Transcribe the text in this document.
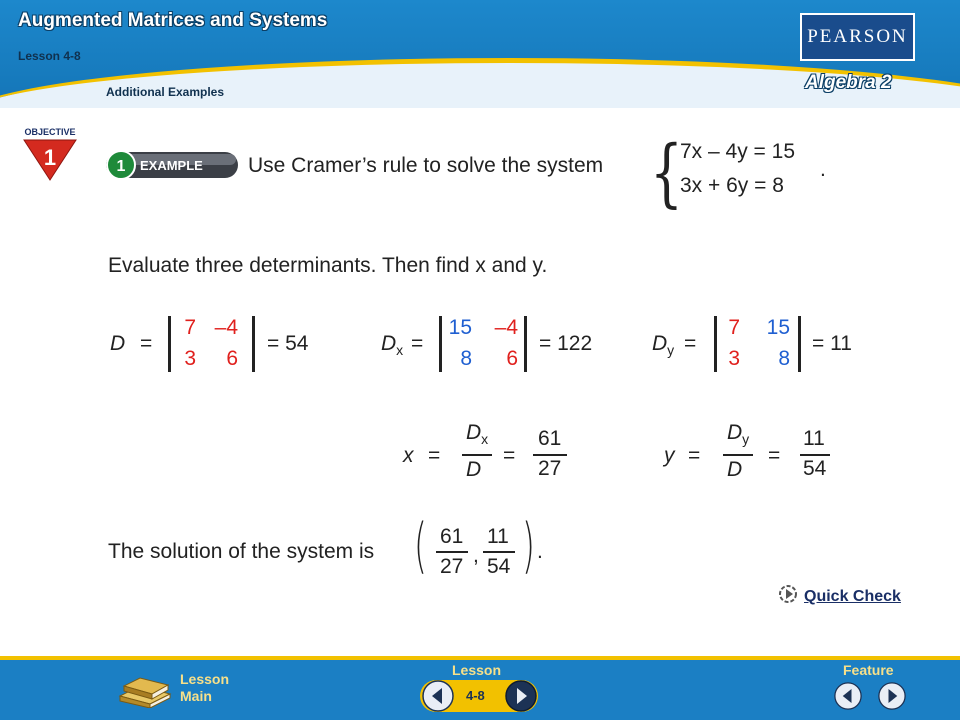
Augmented Matrices and Systems
Lesson 4-8
Additional Examples
PEARSON
Algebra 2
OBJECTIVE
1	1 EXAMPLE Use Cramer’s rule to solve the system {
7x – 4y = 15
3x + 6y = 8
.
Evaluate three determinants. Then find x and y.
D =
7 –4
3	6
= 54	$D_x$ =
15	–4
8	6
= 122	$D_y$ =
7	15
3	8
= 11
x =
$D_x$
D
=
61
27
y =
$D_y$
D
=
11
54
The solution of the system is ( 61
27 ,
11
54 ) .
Quick Check
Lesson
Main
Lesson
4-8
Feature
